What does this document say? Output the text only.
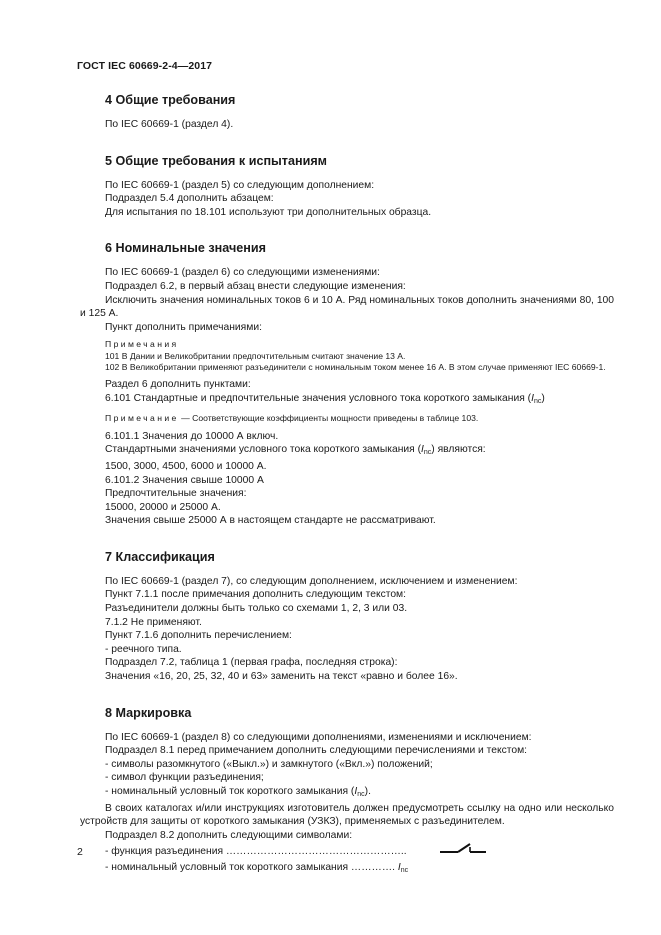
ГОСТ IEC 60669-2-4—2017
4 Общие требования

По IEC 60669-1 (раздел 4).

5 Общие требования к испытаниям

По IEC 60669-1 (раздел 5) со следующим дополнением:

Подраздел 5.4 дополнить абзацем:

Для испытания по 18.101 используют три дополнительных образца.

6 Номинальные значения

По IEC 60669-1 (раздел 6) со следующими изменениями:

Подраздел 6.2, в первый абзац внести следующие изменения:

Исключить значения номинальных токов 6 и 10 А. Ряд номинальных токов дополнить значениями 80, 100 и 125 А.

Пункт дополнить примечаниями:

Примечания

101 В Дании и Великобритании предпочтительным считают значение 13 А.

102 В Великобритании применяют разъединители с номинальным током менее 16 А. В этом случае применяют IEC 60669-1.

Раздел 6 дополнить пунктами:

6.101 Стандартные и предпочтительные значения условного тока короткого замыкания $(I_{nc})$

Примечание — Соответствующие коэффициенты мощности приведены в таблице 103.

6.101.1 Значения до 10000 А включ.

Стандартными значениями условного тока короткого замыкания $(I_{nc})$ являются:

1500, 3000, 4500, 6000 и 10000 А.

6.101.2 Значения свыше 10000 А

Предпочтительные значения:

15000, 20000 и 25000 А.

Значения свыше 25000 А в настоящем стандарте не рассматривают.

7 Классификация

По IEC 60669-1 (раздел 7), со следующим дополнением, исключением и изменением:

Пункт 7.1.1 после примечания дополнить следующим текстом:

Разъединители должны быть только со схемами 1, 2, 3 или 03.

7.1.2 Не применяют.

Пункт 7.1.6 дополнить перечислением:

- реечного типа.

Подраздел 7.2, таблица 1 (первая графа, последняя строка):

Значения «16, 20, 25, 32, 40 и 63» заменить на текст «равно и более 16».

8 Маркировка

По IEC 60669-1 (раздел 8) со следующими дополнениями, изменениями и исключением:

Подраздел 8.1 перед примечанием дополнить следующими перечислениями и текстом:

- символы разомкнутого («Выкл.») и замкнутого («Вкл.») положений;

- символ функции разъединения;

- номинальный условный ток короткого замыкания $(I_{nc})$.

В своих каталогах и/или инструкциях изготовитель должен предусмотреть ссылку на одно или несколько устройств для защиты от короткого замыкания (УЗКЗ), применяемых с разъединителем.

Подраздел 8.2 дополнить следующими символами:

- функция разъединения ……………………………………………..

- номинальный условный ток короткого замыкания …………. $I_{nc}$

2
